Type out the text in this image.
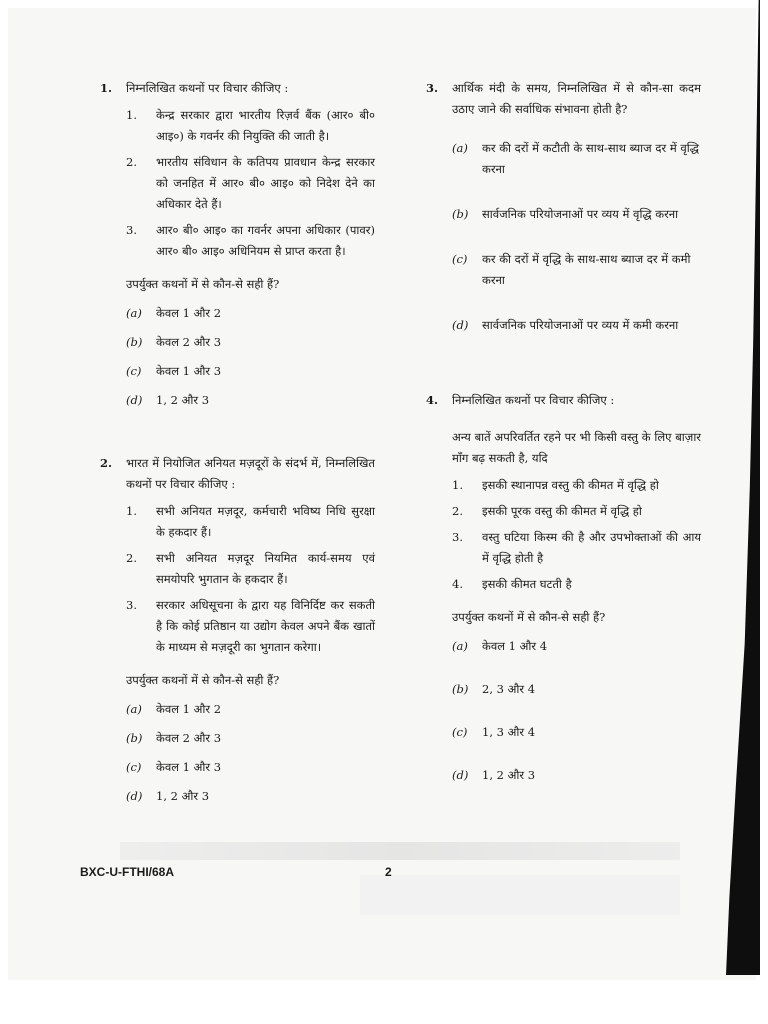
1.	निम्नलिखित कथनों पर विचार कीजिए :
1.	केन्द्र सरकार द्वारा भारतीय रिज़र्व बैंक (आर० बी० आइ०) के गवर्नर की नियुक्ति की जाती है।
2.	भारतीय संविधान के कतिपय प्रावधान केन्द्र सरकार को जनहित में आर० बी० आइ० को निदेश देने का अधिकार देते हैं।
3.	आर० बी० आइ० का गवर्नर अपना अधिकार (पावर) आर० बी० आइ० अधिनियम से प्राप्त करता है।
उपर्युक्त कथनों में से कौन-से सही हैं?
(a)	केवल 1 और 2
(b)	केवल 2 और 3
(c)	केवल 1 और 3
(d)	1, 2 और 3
2.	भारत में नियोजित अनियत मज़दूरों के संदर्भ में, निम्नलिखित कथनों पर विचार कीजिए :
1.	सभी अनियत मज़दूर, कर्मचारी भविष्य निधि सुरक्षा के हकदार हैं।
2.	सभी अनियत मज़दूर नियमित कार्य-समय एवं समयोपरि भुगतान के हकदार हैं।
3.	सरकार अधिसूचना के द्वारा यह विनिर्दिष्ट कर सकती है कि कोई प्रतिष्ठान या उद्योग केवल अपने बैंक खातों के माध्यम से मज़दूरी का भुगतान करेगा।
उपर्युक्त कथनों में से कौन-से सही हैं?
(a)	केवल 1 और 2
(b)	केवल 2 और 3
(c)	केवल 1 और 3
(d)	1, 2 और 3
3.	आर्थिक मंदी के समय, निम्नलिखित में से कौन-सा कदम उठाए जाने की सर्वाधिक संभावना होती है?
(a)	कर की दरों में कटौती के साथ-साथ ब्याज दर में वृद्धि करना
(b)	सार्वजनिक परियोजनाओं पर व्यय में वृद्धि करना
(c)	कर की दरों में वृद्धि के साथ-साथ ब्याज दर में कमी करना
(d)	सार्वजनिक परियोजनाओं पर व्यय में कमी करना
4.	निम्नलिखित कथनों पर विचार कीजिए :
अन्य बातें अपरिवर्तित रहने पर भी किसी वस्तु के लिए बाज़ार माँग बढ़ सकती है, यदि
1.	इसकी स्थानापन्न वस्तु की कीमत में वृद्धि हो
2.	इसकी पूरक वस्तु की कीमत में वृद्धि हो
3.	वस्तु घटिया किस्म की है और उपभोक्ताओं की आय में वृद्धि होती है
4.	इसकी कीमत घटती है
उपर्युक्त कथनों में से कौन-से सही हैं?
(a)	केवल 1 और 4
(b)	2, 3 और 4
(c)	1, 3 और 4
(d)	1, 2 और 3
BXC-U-FTHI/68A	2
